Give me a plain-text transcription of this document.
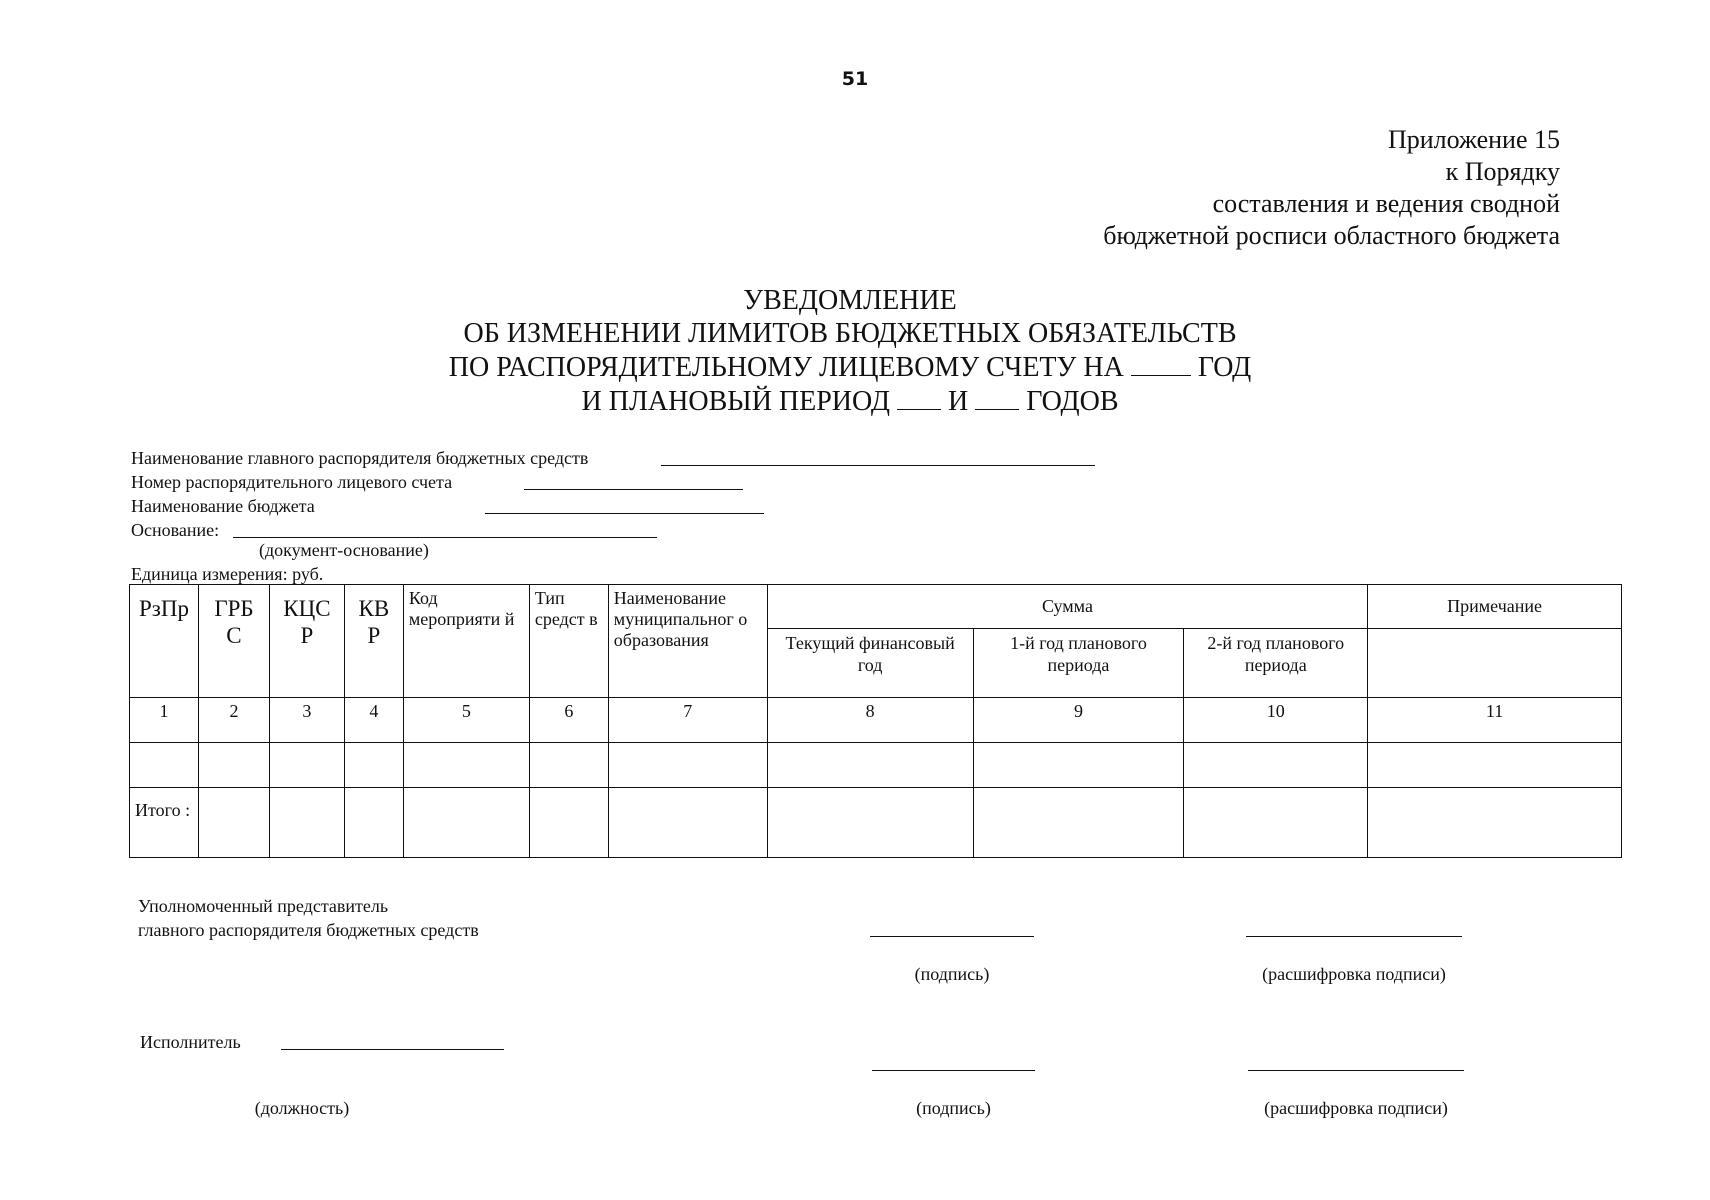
51
Приложение 15
к Порядку
составления и ведения сводной
бюджетной росписи областного бюджета
УВЕДОМЛЕНИЕ
ОБ ИЗМЕНЕНИИ ЛИМИТОВ БЮДЖЕТНЫХ ОБЯЗАТЕЛЬСТВ
ПО РАСПОРЯДИТЕЛЬНОМУ ЛИЦЕВОМУ СЧЕТУ НА	ГОД
И ПЛАНОВЫЙ ПЕРИОД И ГОДОВ
Наименование главного распорядителя бюджетных средств
Номер распорядительного лицевого счета
Наименование бюджета
Основание:
(документ-основание)
Единица измерения: руб.
РзПр	ГРБ С	КЦС Р	КВ Р	Код мероприяти й	Тип средст в	Наименование муниципальног о образования	Сумма			Примечание
							Текущий финансовый год	1-й год планового периода	2-й год планового периода	
1	2	3	4	5	6	7	8	9	10	11

Итого :										
Уполномоченный представитель
главного распорядителя бюджетных средств
(подпись)	(расшифровка подписи)
Исполнитель
(должность)	(подпись)	(расшифровка подписи)
